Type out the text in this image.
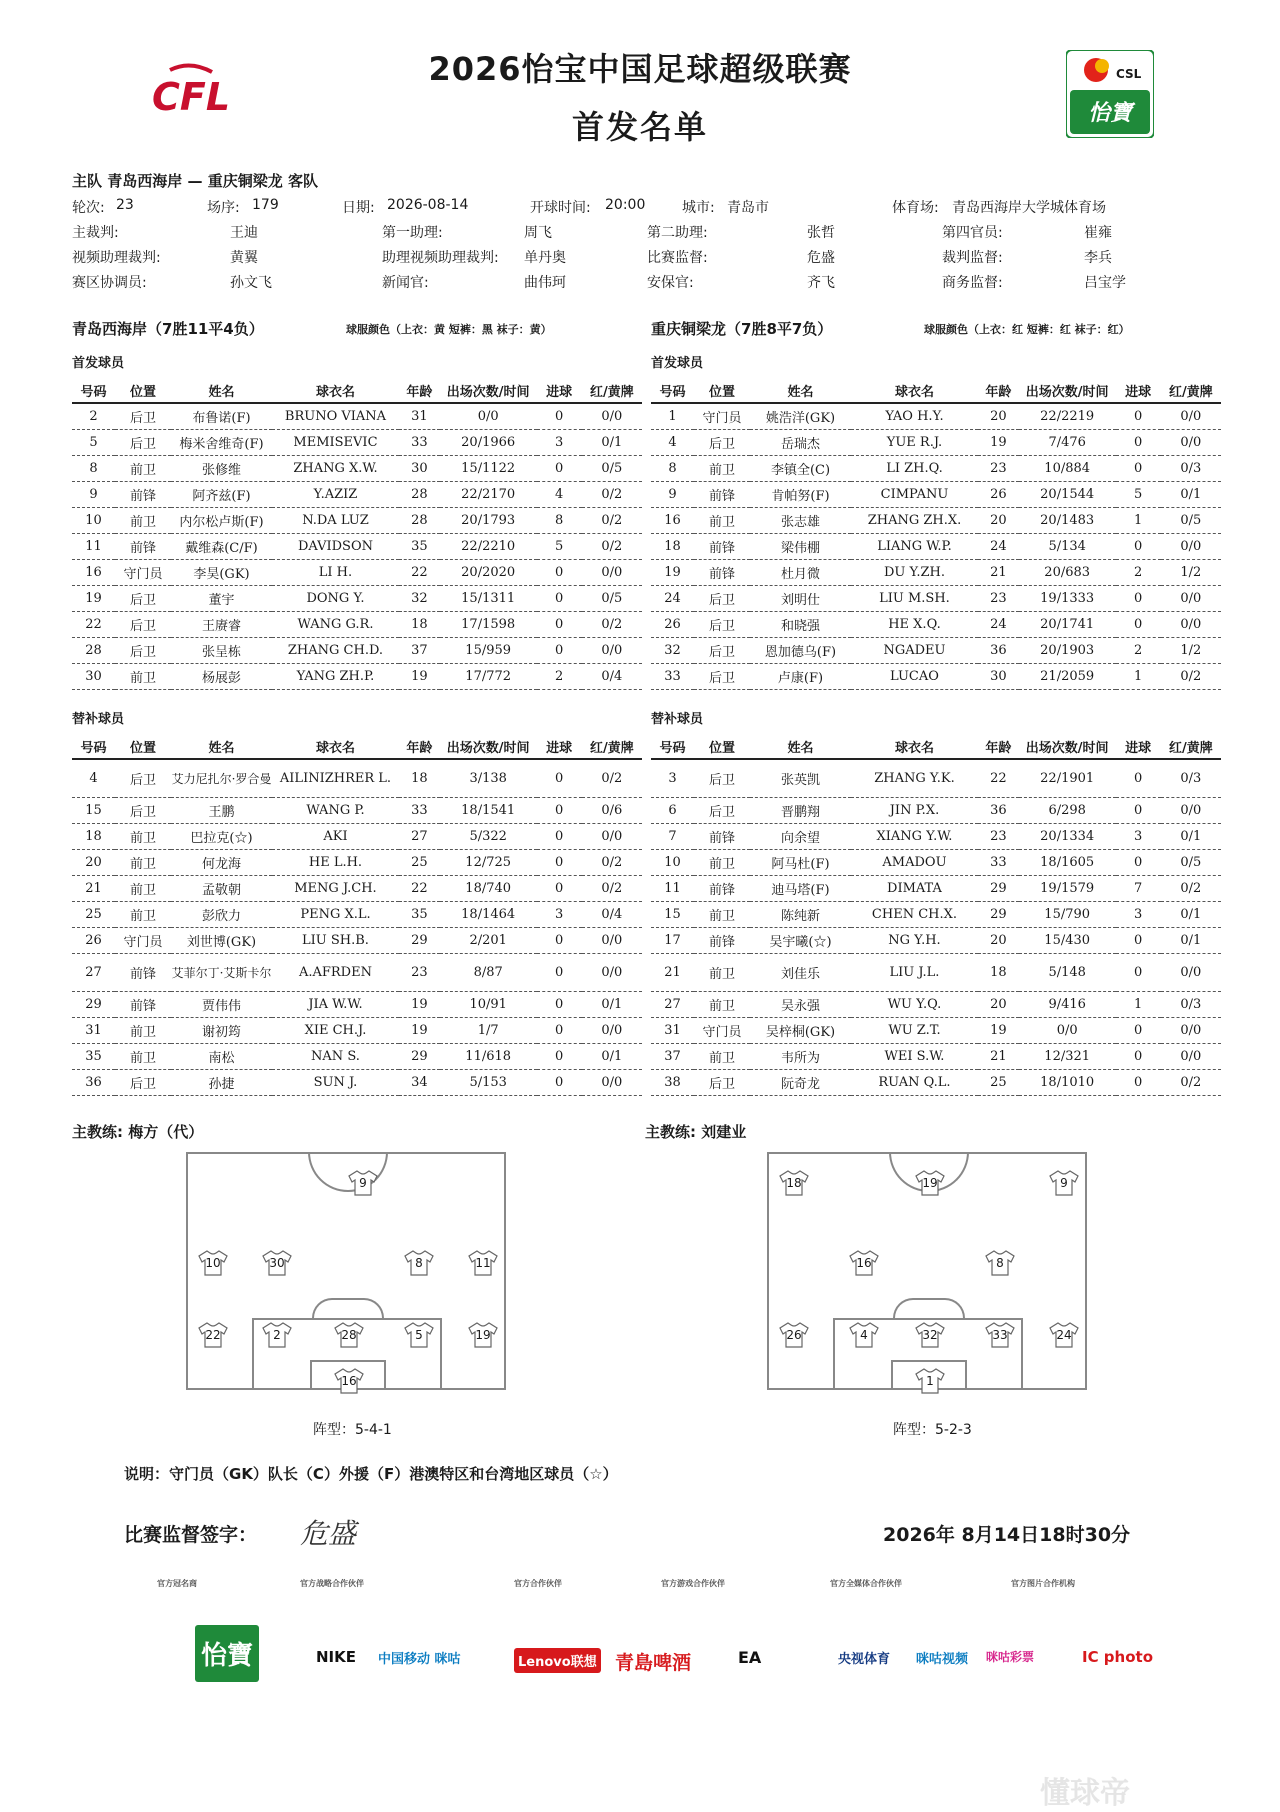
CFL
CSL
怡寶
2026怡宝中国足球超级联赛
首发名单
主队 青岛西海岸 — 重庆铜梁龙 客队
轮次: 23	场序: 179	日期: 2026-08-14	开球时间: 20:00	城市: 青岛市	体育场: 青岛西海岸大学城体育场
主裁判:	王迪	第一助理:	周飞	第二助理:	张哲	第四官员:	崔雍
视频助理裁判:	黄翼	助理视频助理裁判: 单丹奥	比赛监督:	危盛	裁判监督:	李兵
赛区协调员:	孙文飞	新闻官:	曲伟珂	安保官:	齐飞	商务监督:	吕宝学
青岛西海岸（7胜11平4负）	球服颜色（上衣：黄 短裤：黑 袜子：黄）	重庆铜梁龙（7胜8平7负）	球服颜色（上衣：红 短裤：红 袜子：红）
首发球员	首发球员
替补球员	替补球员
号码	位置	姓名	球衣名	年龄	出场次数/时间	进球	红/黄牌
2	后卫	布鲁诺(F)	BRUNO VIANA	31	0/0	0	0/0
5	后卫	梅米舍维奇(F)	MEMISEVIC	33	20/1966	3	0/1
8	前卫	张修维	ZHANG X.W.	30	15/1122	0	0/5
9	前锋	阿齐兹(F)	Y.AZIZ	28	22/2170	4	0/2
10	前卫	内尔松卢斯(F)	N.DA LUZ	28	20/1793	8	0/2
11	前锋	戴维森(C/F)	DAVIDSON	35	22/2210	5	0/2
16	守门员	李昊(GK)	LI H.	22	20/2020	0	0/0
19	后卫	董宇	DONG Y.	32	15/1311	0	0/5
22	后卫	王赓睿	WANG G.R.	18	17/1598	0	0/2
28	后卫	张呈栋	ZHANG CH.D.	37	15/959	0	0/0
30	前卫	杨展彭	YANG ZH.P.	19	17/772	2	0/4
号码	位置	姓名	球衣名	年龄	出场次数/时间	进球	红/黄牌
1	守门员	姚浩洋(GK)	YAO H.Y.	20	22/2219	0	0/0
4	后卫	岳瑞杰	YUE R.J.	19	7/476	0	0/0
8	前卫	李镇全(C)	LI ZH.Q.	23	10/884	0	0/3
9	前锋	肯帕努(F)	CIMPANU	26	20/1544	5	0/1
16	前卫	张志雄	ZHANG ZH.X.	20	20/1483	1	0/5
18	前锋	梁伟棚	LIANG W.P.	24	5/134	0	0/0
19	前锋	杜月微	DU Y.ZH.	21	20/683	2	1/2
24	后卫	刘明仕	LIU M.SH.	23	19/1333	0	0/0
26	后卫	和晓强	HE X.Q.	24	20/1741	0	0/0
32	后卫	恩加德乌(F)	NGADEU	36	20/1903	2	1/2
33	后卫	卢康(F)	LUCAO	30	21/2059	1	0/2
号码	位置	姓名	球衣名	年龄	出场次数/时间	进球	红/黄牌
4	后卫	艾力尼扎尔·罗合曼	AILINIZHRER L.	18	3/138	0	0/2
15	后卫	王鹏	WANG P.	33	18/1541	0	0/6
18	前卫	巴拉克(☆)	AKI	27	5/322	0	0/0
20	前卫	何龙海	HE L.H.	25	12/725	0	0/2
21	前卫	孟敬朝	MENG J.CH.	22	18/740	0	0/2
25	前卫	彭欣力	PENG X.L.	35	18/1464	3	0/4
26	守门员	刘世博(GK)	LIU SH.B.	29	2/201	0	0/0
27	前锋	艾菲尔丁·艾斯卡尔	A.AFRDEN	23	8/87	0	0/0
29	前锋	贾伟伟	JIA W.W.	19	10/91	0	0/1
31	前卫	谢初筠	XIE CH.J.	19	1/7	0	0/0
35	前卫	南松	NAN S.	29	11/618	0	0/1
36	后卫	孙捷	SUN J.	34	5/153	0	0/0
号码	位置	姓名	球衣名	年龄	出场次数/时间	进球	红/黄牌
3	后卫	张英凯	ZHANG Y.K.	22	22/1901	0	0/3
6	后卫	晋鹏翔	JIN P.X.	36	6/298	0	0/0
7	前锋	向余望	XIANG Y.W.	23	20/1334	3	0/1
10	前卫	阿马杜(F)	AMADOU	33	18/1605	0	0/5
11	前锋	迪马塔(F)	DIMATA	29	19/1579	7	0/2
15	前卫	陈纯新	CHEN CH.X.	29	15/790	3	0/1
17	前锋	吴宇曦(☆)	NG Y.H.	20	15/430	0	0/1
21	前卫	刘佳乐	LIU J.L.	18	5/148	0	0/0
27	前卫	吴永强	WU Y.Q.	20	9/416	1	0/3
31	守门员	吴梓桐(GK)	WU Z.T.	19	0/0	0	0/0
37	前卫	韦所为	WEI S.W.	21	12/321	0	0/0
38	后卫	阮奇龙	RUAN Q.L.	25	18/1010	0	0/2
主教练: 梅方（代）	主教练: 刘建业
9
10	30	8	11
22	2	28	5	19
16
18	19	9
16	8
26	4	32	33	24
1
阵型：5-4-1	阵型：5-2-3
说明：守门员（GK）队长（C）外援（F）港澳特区和台湾地区球员（☆）
比赛监督签字： 危盛	2026年 8月14日18时30分
官方冠名商	官方战略合作伙伴	官方合作伙伴	官方游戏合作伙伴	官方全媒体合作伙伴	官方图片合作机构
怡寶	NIKE 中国移动 咪咕	Lenovo联想 青島啤酒	EA	央视体育 咪咕视频 咪咕彩票	IC photo
懂球帝
